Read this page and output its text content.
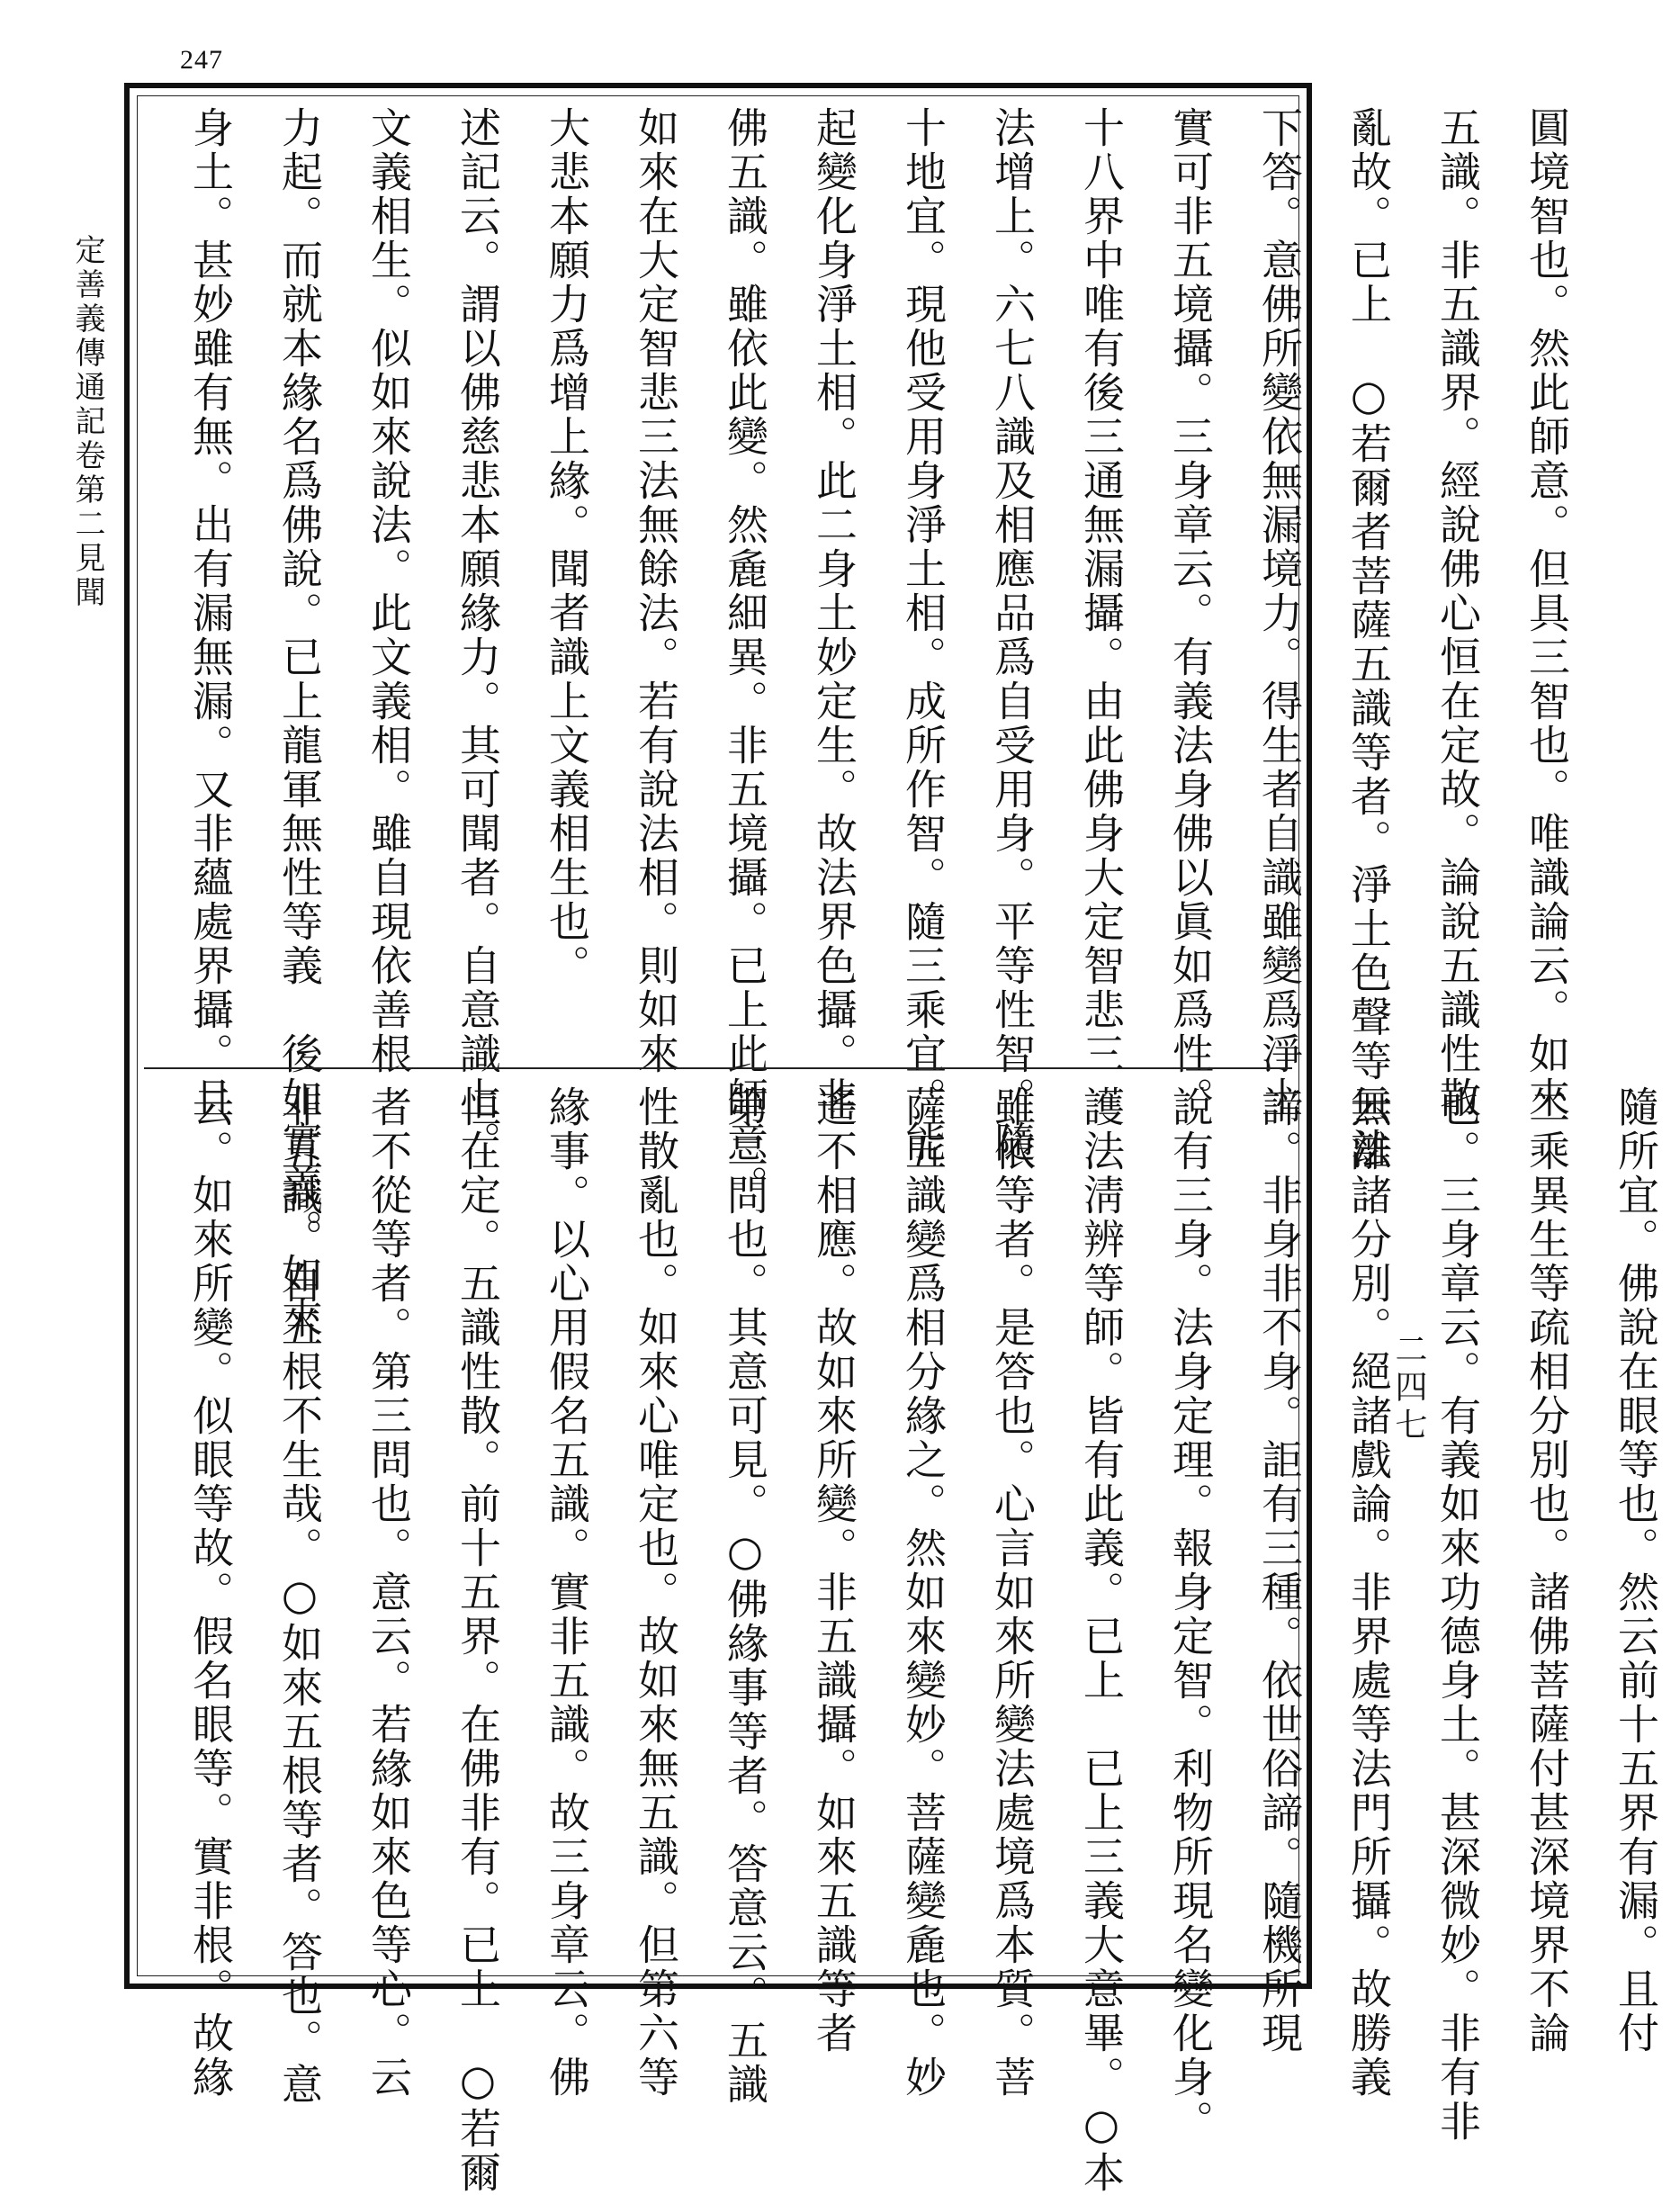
247
定善義傳通記卷第二見聞
二四七
圓境智也。然此師意。但具三智也。唯識論云。如來
五識。非五識界。經說佛心恒在定故。論說五識性散
亂故。已上　○若爾者菩薩五識等者。淨土色聲等云法
下答。意佛所變依無漏境力。得生者自識雖變爲淨土
實可非五境攝。三身章云。有義法身佛以眞如爲性。
十八界中唯有後三通無漏攝。由此佛身大定智悲三
法增上。六七八識及相應品爲自受用身。平等性智。隨
十地宜。現他受用身淨土相。成所作智。隨三乘宜。能
起變化身淨土相。此二身土妙定生。故法界色攝。非
佛五識。雖依此變。然麁細異。非五境攝。已上此師意。
如來在大定智悲三法無餘法。若有說法相。則如來
大悲本願力爲增上緣。聞者識上文義相生也。
述記云。謂以佛慈悲本願緣力。其可聞者。自意識上。
文義相生。似如來說法。此文義相。雖自現依善根
力起。而就本緣名爲佛說。已上龍軍無性等義　後如實義。如來
身土。甚妙雖有無。出有漏無漏。又非蘊處界攝。且
隨所宜。佛說在眼等也。然云前十五界有漏。且付
二乘異生等疏相分別也。諸佛菩薩付甚深境界不論
也。三身章云。有義如來功德身土。甚深微妙。非有非
無離諸分別。絕諸戲論。非界處等法門所攝。故勝義
諦。非身非不身。詎有三種。依世俗諦。隨機所現
說有三身。法身定理。報身定智。利物所現名變化身。
護法淸辨等師。皆有此義。已上　已上三義大意畢。○本
雖依等者。是答也。心言如來所變法處境爲本質。菩
薩五識變爲相分緣之。然如來變妙。菩薩變麁也。妙
遙不相應。故如來所變。非五識攝。如來五識等者
第二問也。其意可見。○佛緣事等者。答意云。五識
性散亂也。如來心唯定也。故如來無五識。但第六等
緣事。以心用假名五識。實非五識。故三身章云。佛
恒在定。五識性散。前十五界。在佛非有。已上　○若爾
者不從等者。第三問也。意云。若緣如來色等心。云
非五識。自五根不生哉。○如來五根等者。答也。意
云。如來所變。似眼等故。假名眼等。實非根。故緣
